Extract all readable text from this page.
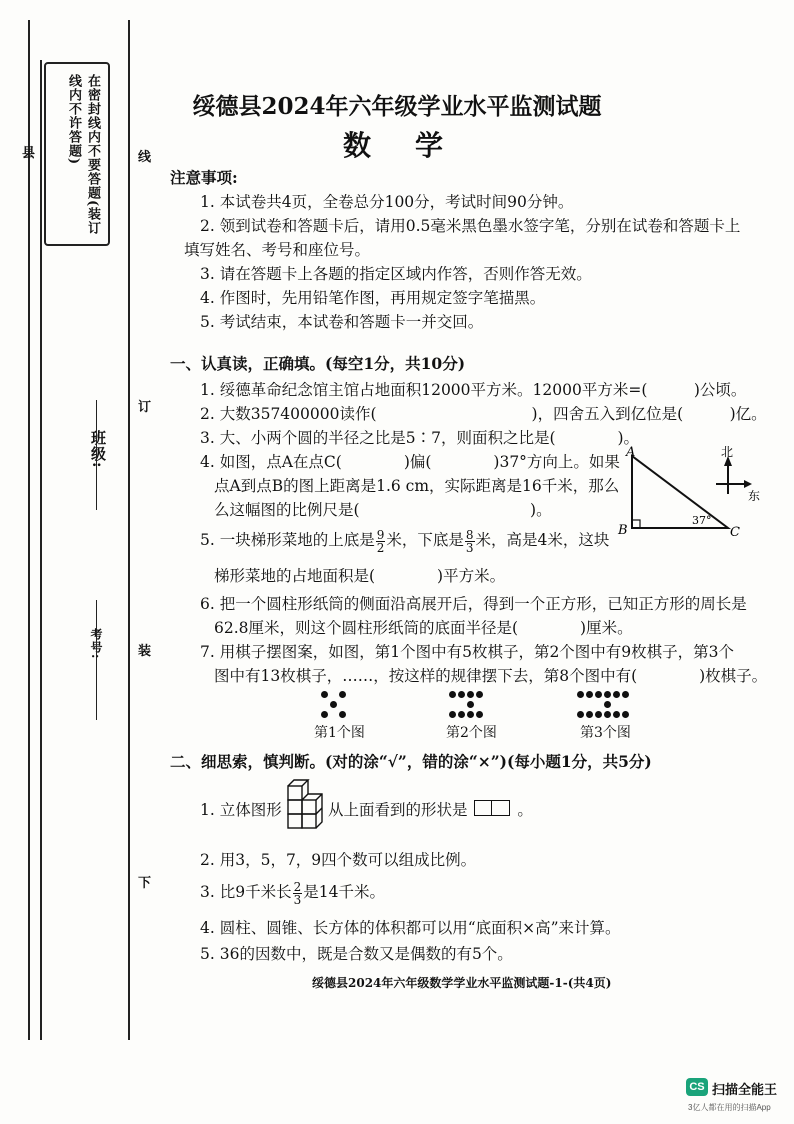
在密封线内不要答题(装订线内不许答题)
县	线
订
班级:
考号:	装
下
绥德县2024年六年级学业水平监测试题
数　学
注意事项:
1. 本试卷共4页，全卷总分100分，考试时间90分钟。
2. 领到试卷和答题卡后，请用0.5毫米黑色墨水签字笔，分别在试卷和答题卡上
填写姓名、考号和座位号。
3. 请在答题卡上各题的指定区域内作答，否则作答无效。
4. 作图时，先用铅笔作图，再用规定签字笔描黑。
5. 考试结束，本试卷和答题卡一并交回。
一、认真读，正确填。(每空1分，共10分)
1. 绥德革命纪念馆主馆占地面积12000平方米。12000平方米=(　　　)公顷。
2. 大数357400000读作(　　　　　　　　　　)，四舍五入到亿位是(　　　)亿。
3. 大、小两个圆的半径之比是5∶7，则面积之比是(　　　　)。
4. 如图，点A在点C(　　　　)偏(　　　　)37°方向上。如果
点A到点B的图上距离是1.6 cm，实际距离是16千米，那么
么这幅图的比例尺是(　　　　　　　　　　　)。
A
B	C
37°
北
东
5. 一块梯形菜地的上底是 $\frac{9}{2}$ 米，下底是 $\frac{8}{3}$ 米，高是4米，这块
梯形菜地的占地面积是(　　　　)平方米。
6. 把一个圆柱形纸筒的侧面沿高展开后，得到一个正方形，已知正方形的周长是
62.8厘米，则这个圆柱形纸筒的底面半径是(　　　　)厘米。
7. 用棋子摆图案，如图，第1个图中有5枚棋子，第2个图中有9枚棋子，第3个
图中有13枚棋子，……，按这样的规律摆下去，第8个图中有(　　　　)枚棋子。
第1个图	第2个图	第3个图
二、细思索，慎判断。(对的涂“√”，错的涂“×”)(每小题1分，共5分)
1. 立体图形	从上面看到的形状是	。
2. 用3，5，7，9四个数可以组成比例。
3. 比9千米长 $\frac{2}{3}$ 是14千米。
4. 圆柱、圆锥、长方体的体积都可以用“底面积×高”来计算。
5. 36的因数中，既是合数又是偶数的有5个。
绥德县2024年六年级数学学业水平监测试题-1-(共4页)
CS 扫描全能王
3亿人都在用的扫描App
